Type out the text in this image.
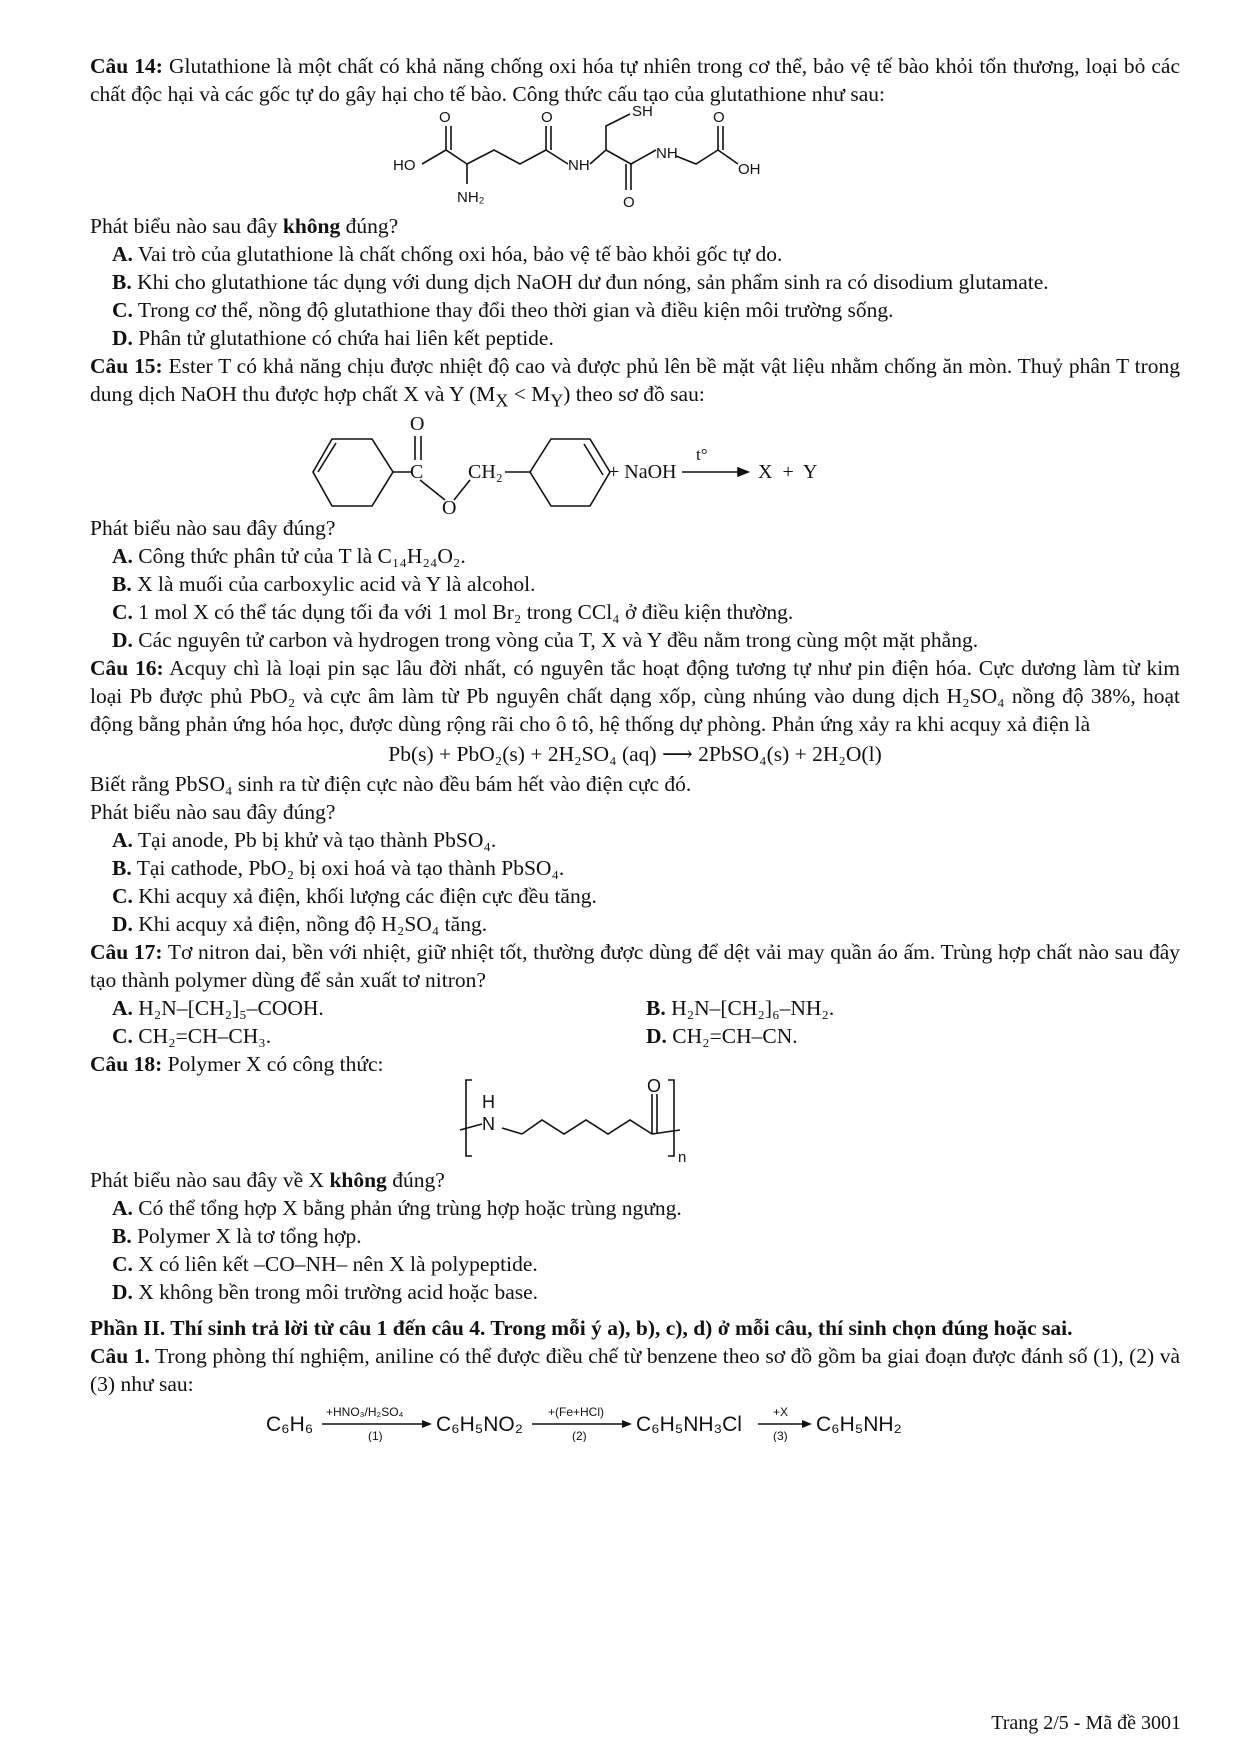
Câu 14: Glutathione là một chất có khả năng chống oxi hóa tự nhiên trong cơ thể, bảo vệ tế bào khỏi tổn thương, loại bỏ các chất độc hại và các gốc tự do gây hại cho tế bào. Công thức cấu tạo của glutathione như sau:
O	O	SH	O
HO	NH
NH
OH
NH₂	O
Phát biểu nào sau đây không đúng?
A. Vai trò của glutathione là chất chống oxi hóa, bảo vệ tế bào khỏi gốc tự do.
B. Khi cho glutathione tác dụng với dung dịch NaOH dư đun nóng, sản phẩm sinh ra có disodium glutamate.
C. Trong cơ thể, nồng độ glutathione thay đổi theo thời gian và điều kiện môi trường sống.
D. Phân tử glutathione có chứa hai liên kết peptide.
Câu 15: Ester T có khả năng chịu được nhiệt độ cao và được phủ lên bề mặt vật liệu nhằm chống ăn mòn. Thuỷ phân T trong dung dịch NaOH thu được hợp chất X và Y $(M_X < M_Y)$ theo sơ đồ sau:
O
C
O
CH₂	+ NaOH
t°
X  +  Y
Phát biểu nào sau đây đúng?
A. Công thức phân tử của T là C₁₄H₂₄O₂.
B. X là muối của carboxylic acid và Y là alcohol.
C. 1 mol X có thể tác dụng tối đa với 1 mol Br₂ trong CCl₄ ở điều kiện thường.
D. Các nguyên tử carbon và hydrogen trong vòng của T, X và Y đều nằm trong cùng một mặt phẳng.
Câu 16: Acquy chì là loại pin sạc lâu đời nhất, có nguyên tắc hoạt động tương tự như pin điện hóa. Cực dương làm từ kim loại Pb được phủ PbO₂ và cực âm làm từ Pb nguyên chất dạng xốp, cùng nhúng vào dung dịch H₂SO₄ nồng độ 38%, hoạt động bằng phản ứng hóa học, được dùng rộng rãi cho ô tô, hệ thống dự phòng. Phản ứng xảy ra khi acquy xả điện là
Pb(s) + PbO₂(s) + 2H₂SO₄ (aq) ⟶ 2PbSO₄(s) + 2H₂O(l)
Biết rằng PbSO₄ sinh ra từ điện cực nào đều bám hết vào điện cực đó.
Phát biểu nào sau đây đúng?
A. Tại anode, Pb bị khử và tạo thành PbSO₄.
B. Tại cathode, PbO₂ bị oxi hoá và tạo thành PbSO₄.
C. Khi acquy xả điện, khối lượng các điện cực đều tăng.
D. Khi acquy xả điện, nồng độ H₂SO₄ tăng.
Câu 17: Tơ nitron dai, bền với nhiệt, giữ nhiệt tốt, thường được dùng để dệt vải may quần áo ấm. Trùng hợp chất nào sau đây tạo thành polymer dùng để sản xuất tơ nitron?
A. H₂N–[CH₂]₅–COOH.	B. H₂N–[CH₂]₆–NH₂.
C. CH₂=CH–CH₃.	D. CH₂=CH–CN.
Câu 18: Polymer X có công thức:
H
N
O
n
Phát biểu nào sau đây về X không đúng?
A. Có thể tổng hợp X bằng phản ứng trùng hợp hoặc trùng ngưng.
B. Polymer X là tơ tổng hợp.
C. X có liên kết –CO–NH– nên X là polypeptide.
D. X không bền trong môi trường acid hoặc base.
Phần II. Thí sinh trả lời từ câu 1 đến câu 4. Trong mỗi ý a), b), c), d) ở mỗi câu, thí sinh chọn đúng hoặc sai.
Câu 1. Trong phòng thí nghiệm, aniline có thể được điều chế từ benzene theo sơ đồ gồm ba giai đoạn được đánh số (1), (2) và (3) như sau:
C₆H₆
+HNO₃/H₂SO₄
(1)	C₆H₅NO₂
+(Fe+HCl)
(2) C₆H₅NH₃Cl
+X
(3) C₆H₅NH₂
Trang 2/5 - Mã đề 3001
